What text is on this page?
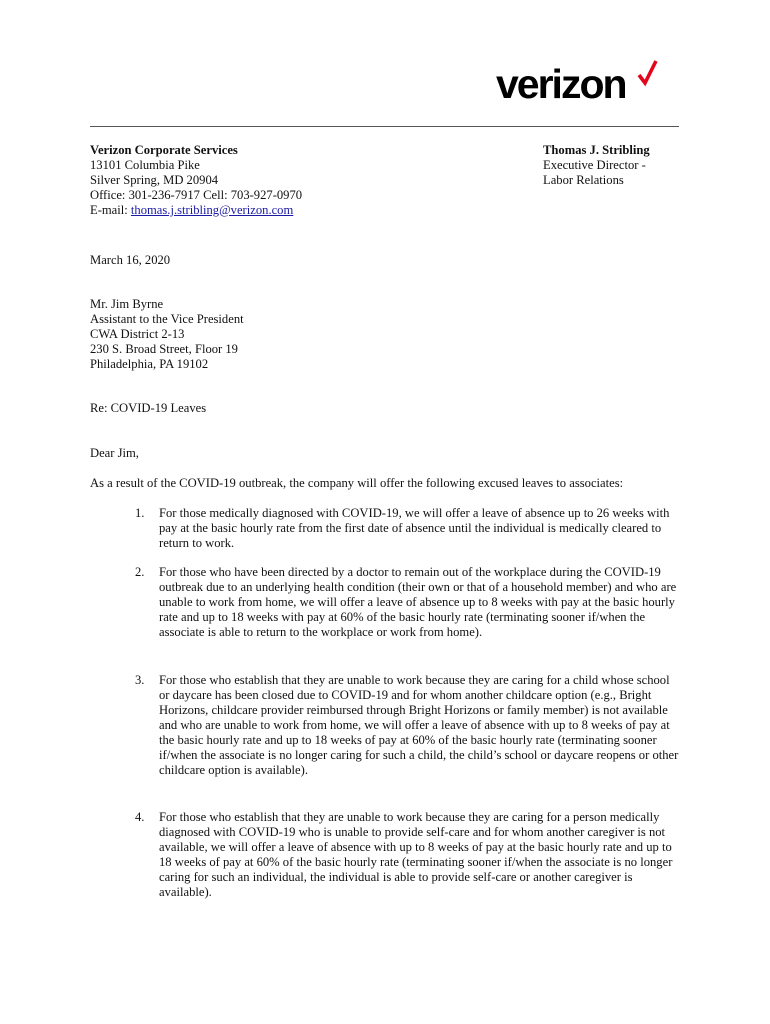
verizon
Verizon Corporate Services
13101 Columbia Pike
Silver Spring, MD 20904
Office: 301-236-7917 Cell: 703-927-0970
E-mail: thomas.j.stribling@verizon.com
Thomas J. Stribling
Executive Director -
Labor Relations
March 16, 2020
Mr. Jim Byrne
Assistant to the Vice President
CWA District 2-13
230 S. Broad Street, Floor 19
Philadelphia, PA 19102
Re: COVID-19 Leaves
Dear Jim,
As a result of the COVID-19 outbreak, the company will offer the following excused leaves to associates:
1. For those medically diagnosed with COVID-19, we will offer a leave of absence up to 26 weeks with
pay at the basic hourly rate from the first date of absence until the individual is medically cleared to
return to work.
2. For those who have been directed by a doctor to remain out of the workplace during the COVID-19
outbreak due to an underlying health condition (their own or that of a household member) and who are
unable to work from home, we will offer a leave of absence up to 8 weeks with pay at the basic hourly
rate and up to 18 weeks with pay at 60% of the basic hourly rate (terminating sooner if/when the
associate is able to return to the workplace or work from home).
3. For those who establish that they are unable to work because they are caring for a child whose school
or daycare has been closed due to COVID-19 and for whom another childcare option (e.g., Bright
Horizons, childcare provider reimbursed through Bright Horizons or family member) is not available
and who are unable to work from home, we will offer a leave of absence with up to 8 weeks of pay at
the basic hourly rate and up to 18 weeks of pay at 60% of the basic hourly rate (terminating sooner
if/when the associate is no longer caring for such a child, the child’s school or daycare reopens or other
childcare option is available).
4. For those who establish that they are unable to work because they are caring for a person medically
diagnosed with COVID-19 who is unable to provide self-care and for whom another caregiver is not
available, we will offer a leave of absence with up to 8 weeks of pay at the basic hourly rate and up to
18 weeks of pay at 60% of the basic hourly rate (terminating sooner if/when the associate is no longer
caring for such an individual, the individual is able to provide self-care or another caregiver is
available).
